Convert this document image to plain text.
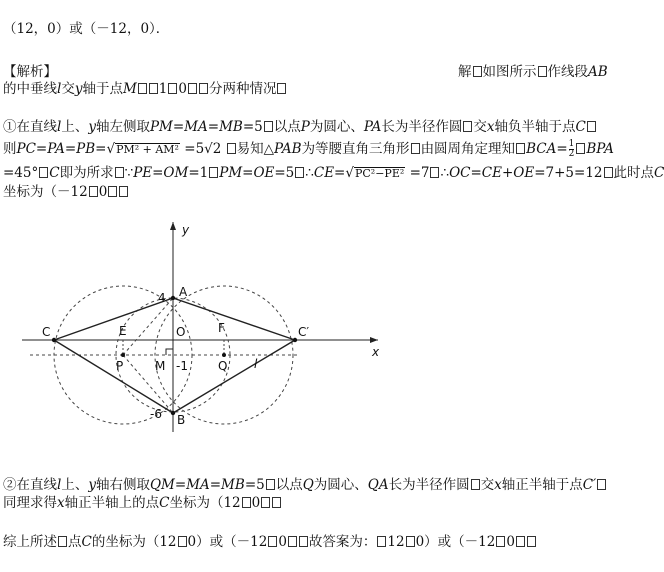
（12，0）或（－12，0）．
【解析】	解 如图所示 作线段AB
的中垂线l交y轴于点M 1 0 分两种情况
①在直线l上、y轴左侧取PM=MA=MB=5 以点P为圆心、PA长为半径作圆 交x轴负半轴于点C
则PC=PA=PB=√PM² + AM² =5√2 易知△PAB为等腰直角三角形 由圆周角定理知 $BCA= \frac{1}{2}$ BPA
=45° C即为所求 ∵PE=OM=1 PM=OE=5 ∴CE=√PC²−PE² =7 ∴OC=CE+OE=7+5=12 此时点C
坐标为（－12 0
y
x
A
4
B
-6
C	C′
E	F
O
P	Q
M -1	l
②在直线l上、y轴右侧取QM=MA=MB=5 以点Q为圆心、QA长为半径作圆 交x轴正半轴于点C′
同理求得x轴正半轴上的点C坐标为（12 0
综上所述 点C的坐标为（12 0）或（－12 0 故答案为： 12 0）或（－12 0
